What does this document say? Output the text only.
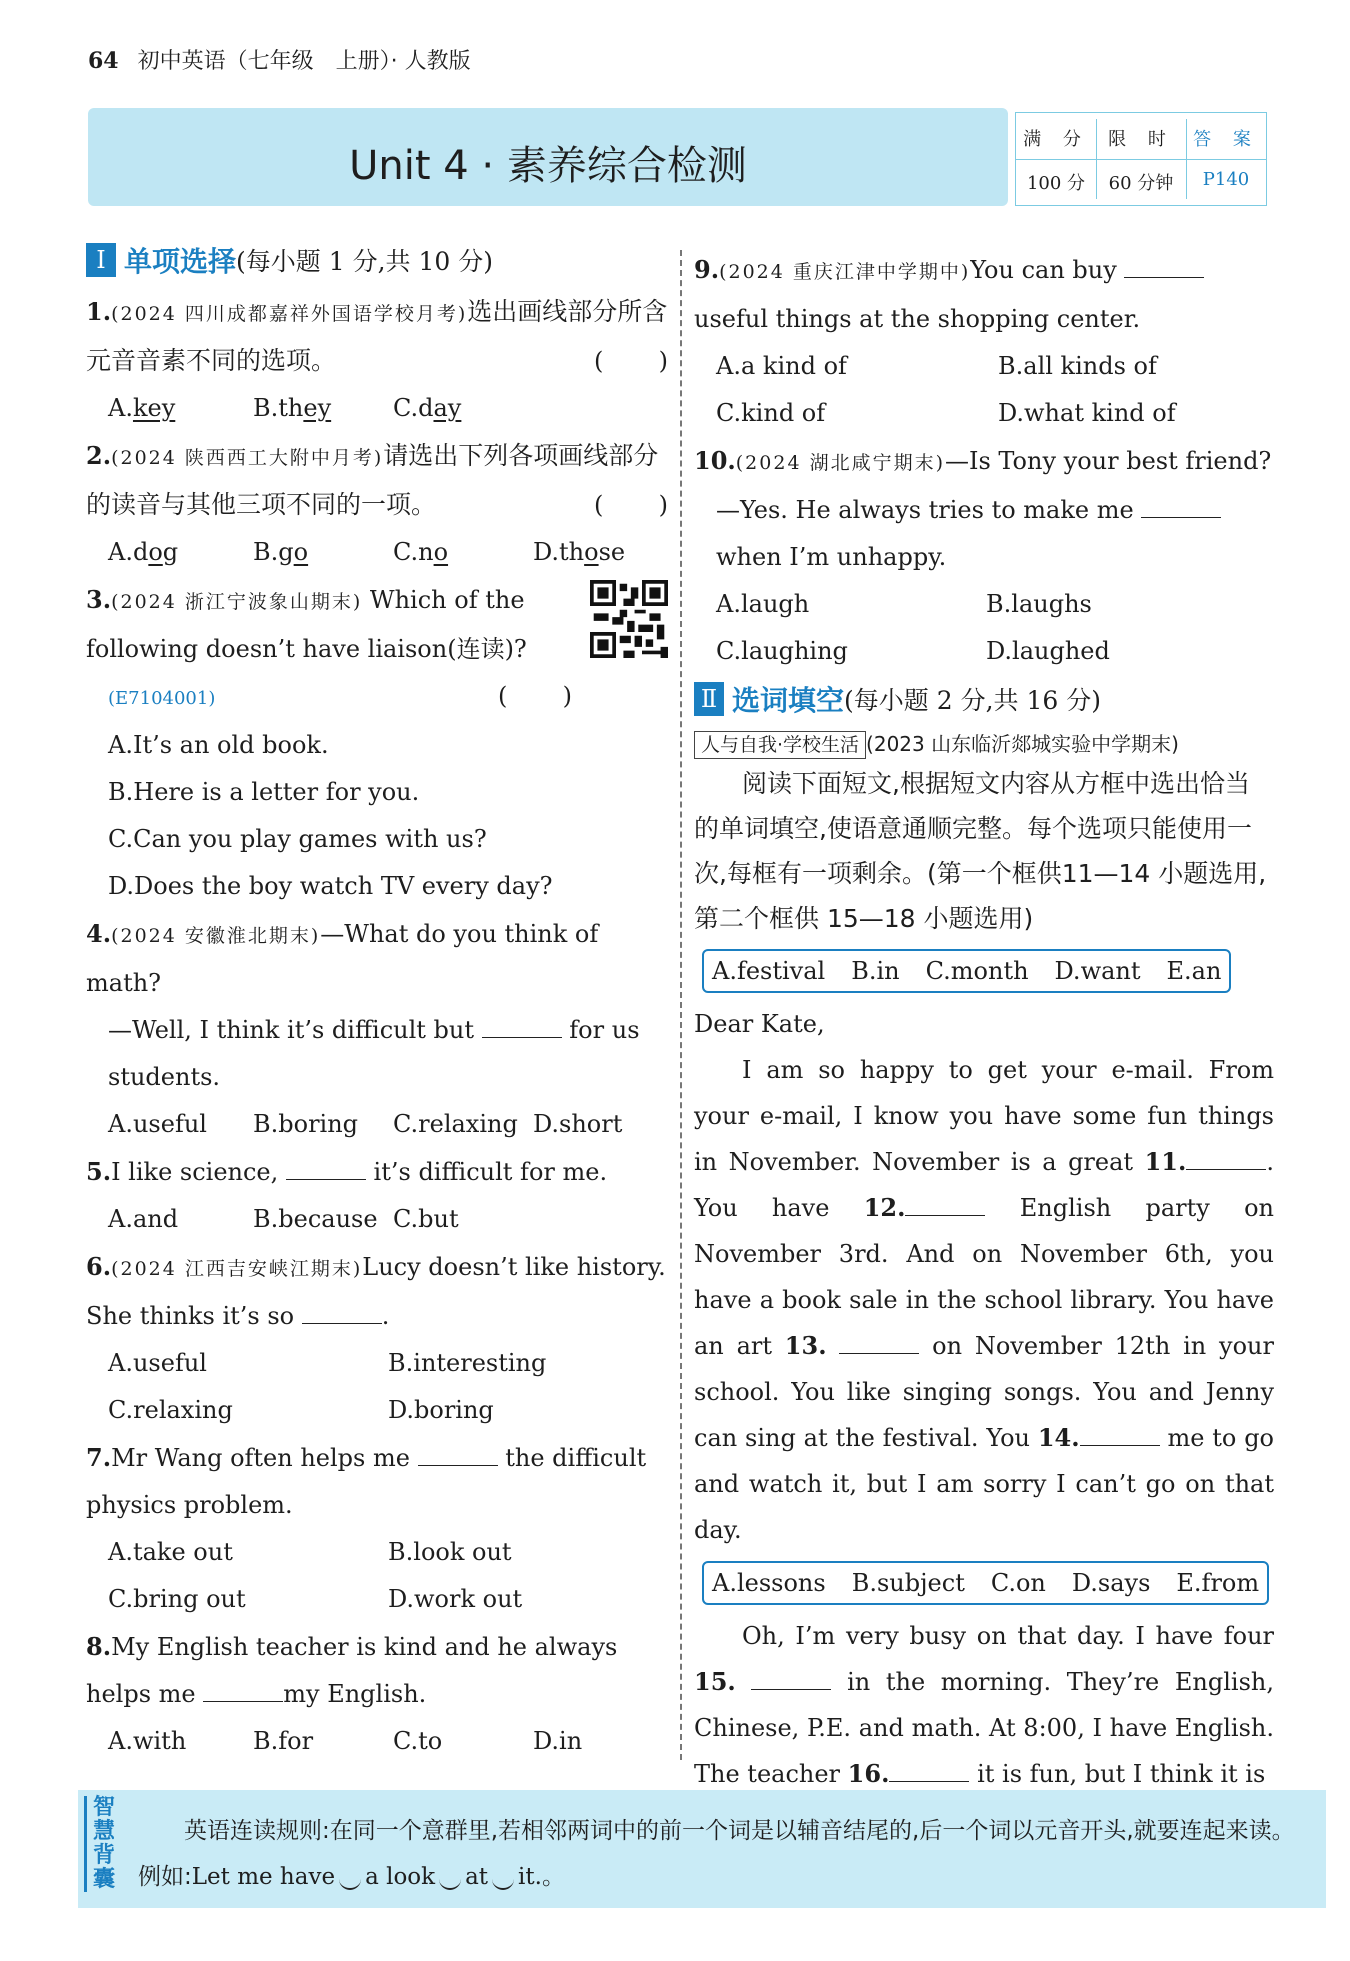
64 初中英语（七年级　上册）· 人教版
Unit 4 · 素养综合检测
满 分
100 分
限 时
60 分钟
答 案
P140
Ⅰ 单项选择 (每小题 1 分,共 10 分)
1.(2024 四川成都嘉祥外国语学校月考)选出画线部分所含元音音素不同的选项。	( )
A.key	B.they	C.day
2.(2024 陕西西工大附中月考)请选出下列各项画线部分的读音与其他三项不同的一项。	( )
A.dog	B.go	C.no	D.those
3.(2024 浙江宁波象山期末) Which of the following doesn’t have liaison(连读)?
(E7104001)	( )
A.It’s an old book.
B.Here is a letter for you.
C.Can you play games with us?
D.Does the boy watch TV every day?
4.(2024 安徽淮北期末)—What do you think of math?
—Well, I think it’s difficult but	for us students.
A.useful	B.boring	C.relaxing D.short
5.I like science,	it’s difficult for me.
A.and	B.because C.but
6.(2024 江西吉安峡江期末)Lucy doesn’t like history. She thinks it’s so	.
A.useful	B.interesting
C.relaxing	D.boring
7.Mr Wang often helps me	the difficult physics problem.
A.take out	B.look out
C.bring out	D.work out
8.My English teacher is kind and he always helps me	my English.
A.with	B.for	C.to	D.in
9.(2024 重庆江津中学期中)You can buy  useful things at the shopping center.
A.a kind of	B.all kinds of
C.kind of	D.what kind of
10.(2024 湖北咸宁期末)—Is Tony your best friend?
—Yes. He always tries to make me  when I’m unhappy.
A.laugh	B.laughs
C.laughing	D.laughed
Ⅱ 选词填空 (每小题 2 分,共 16 分)
人与自我·学校生活 (2023 山东临沂郯城实验中学期末)
阅读下面短文,根据短文内容从方框中选出恰当的单词填空,使语意通顺完整。每个选项只能使用一次,每框有一项剩余。(第一个框供11—14 小题选用,第二个框供 15—18 小题选用)
A.festival B.in C.month D.want E.an
Dear Kate,
I am so happy to get your e-mail. From your e-mail, I know you have some fun things in November. November is a great 11.	. You have 12.	English party on November 3rd. And on November 6th, you have a book sale in the school library. You have an art 13.	on November 12th in your school. You like singing songs. You and Jenny can sing at the festival. You 14.	me to go and watch it, but I am sorry I can’t go on that day.
A.lessons B.subject C.on D.says E.from
Oh, I’m very busy on that day. I have four 15.	in the morning. They’re English, Chinese, P.E. and math. At 8:00, I have English. The teacher 16.	it is fun, but I think it is
智慧背囊
英语连读规则:在同一个意群里,若相邻两词中的前一个词是以辅音结尾的,后一个词以元音开头,就要连起来读。例如:Let me have a look at it.。
